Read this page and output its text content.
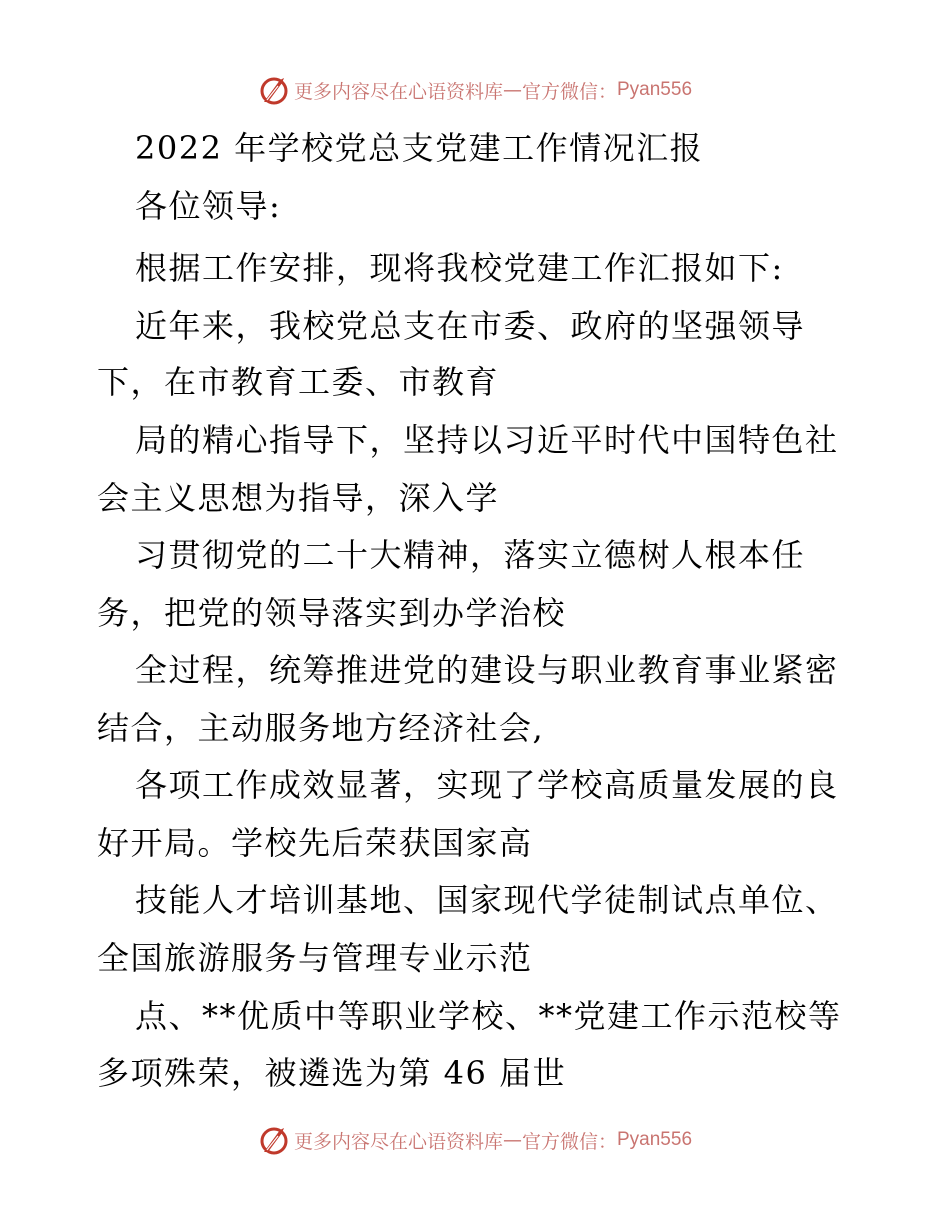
更多内容尽在心语资料库 — 官方微信： Pyan556
2022 年学校党总支党建工作情况汇报
各位领导:
根据工作安排，现将我校党建工作汇报如下:
近年来，我校党总支在市委、政府的坚强领导
下，在市教育工委、市教育
局的精心指导下，坚持以习近平时代中国特色社
会主义思想为指导，深入学
习贯彻党的二十大精神，落实立德树人根本任
务，把党的领导落实到办学治校
全过程，统筹推进党的建设与职业教育事业紧密
结合，主动服务地方经济社会,
各项工作成效显著，实现了学校高质量发展的良
好开局。学校先后荣获国家高
技能人才培训基地、国家现代学徒制试点单位、
全国旅游服务与管理专业示范
点、**优质中等职业学校、**党建工作示范校等
多项殊荣，被遴选为第 46 届世
更多内容尽在心语资料库 — 官方微信： Pyan556
